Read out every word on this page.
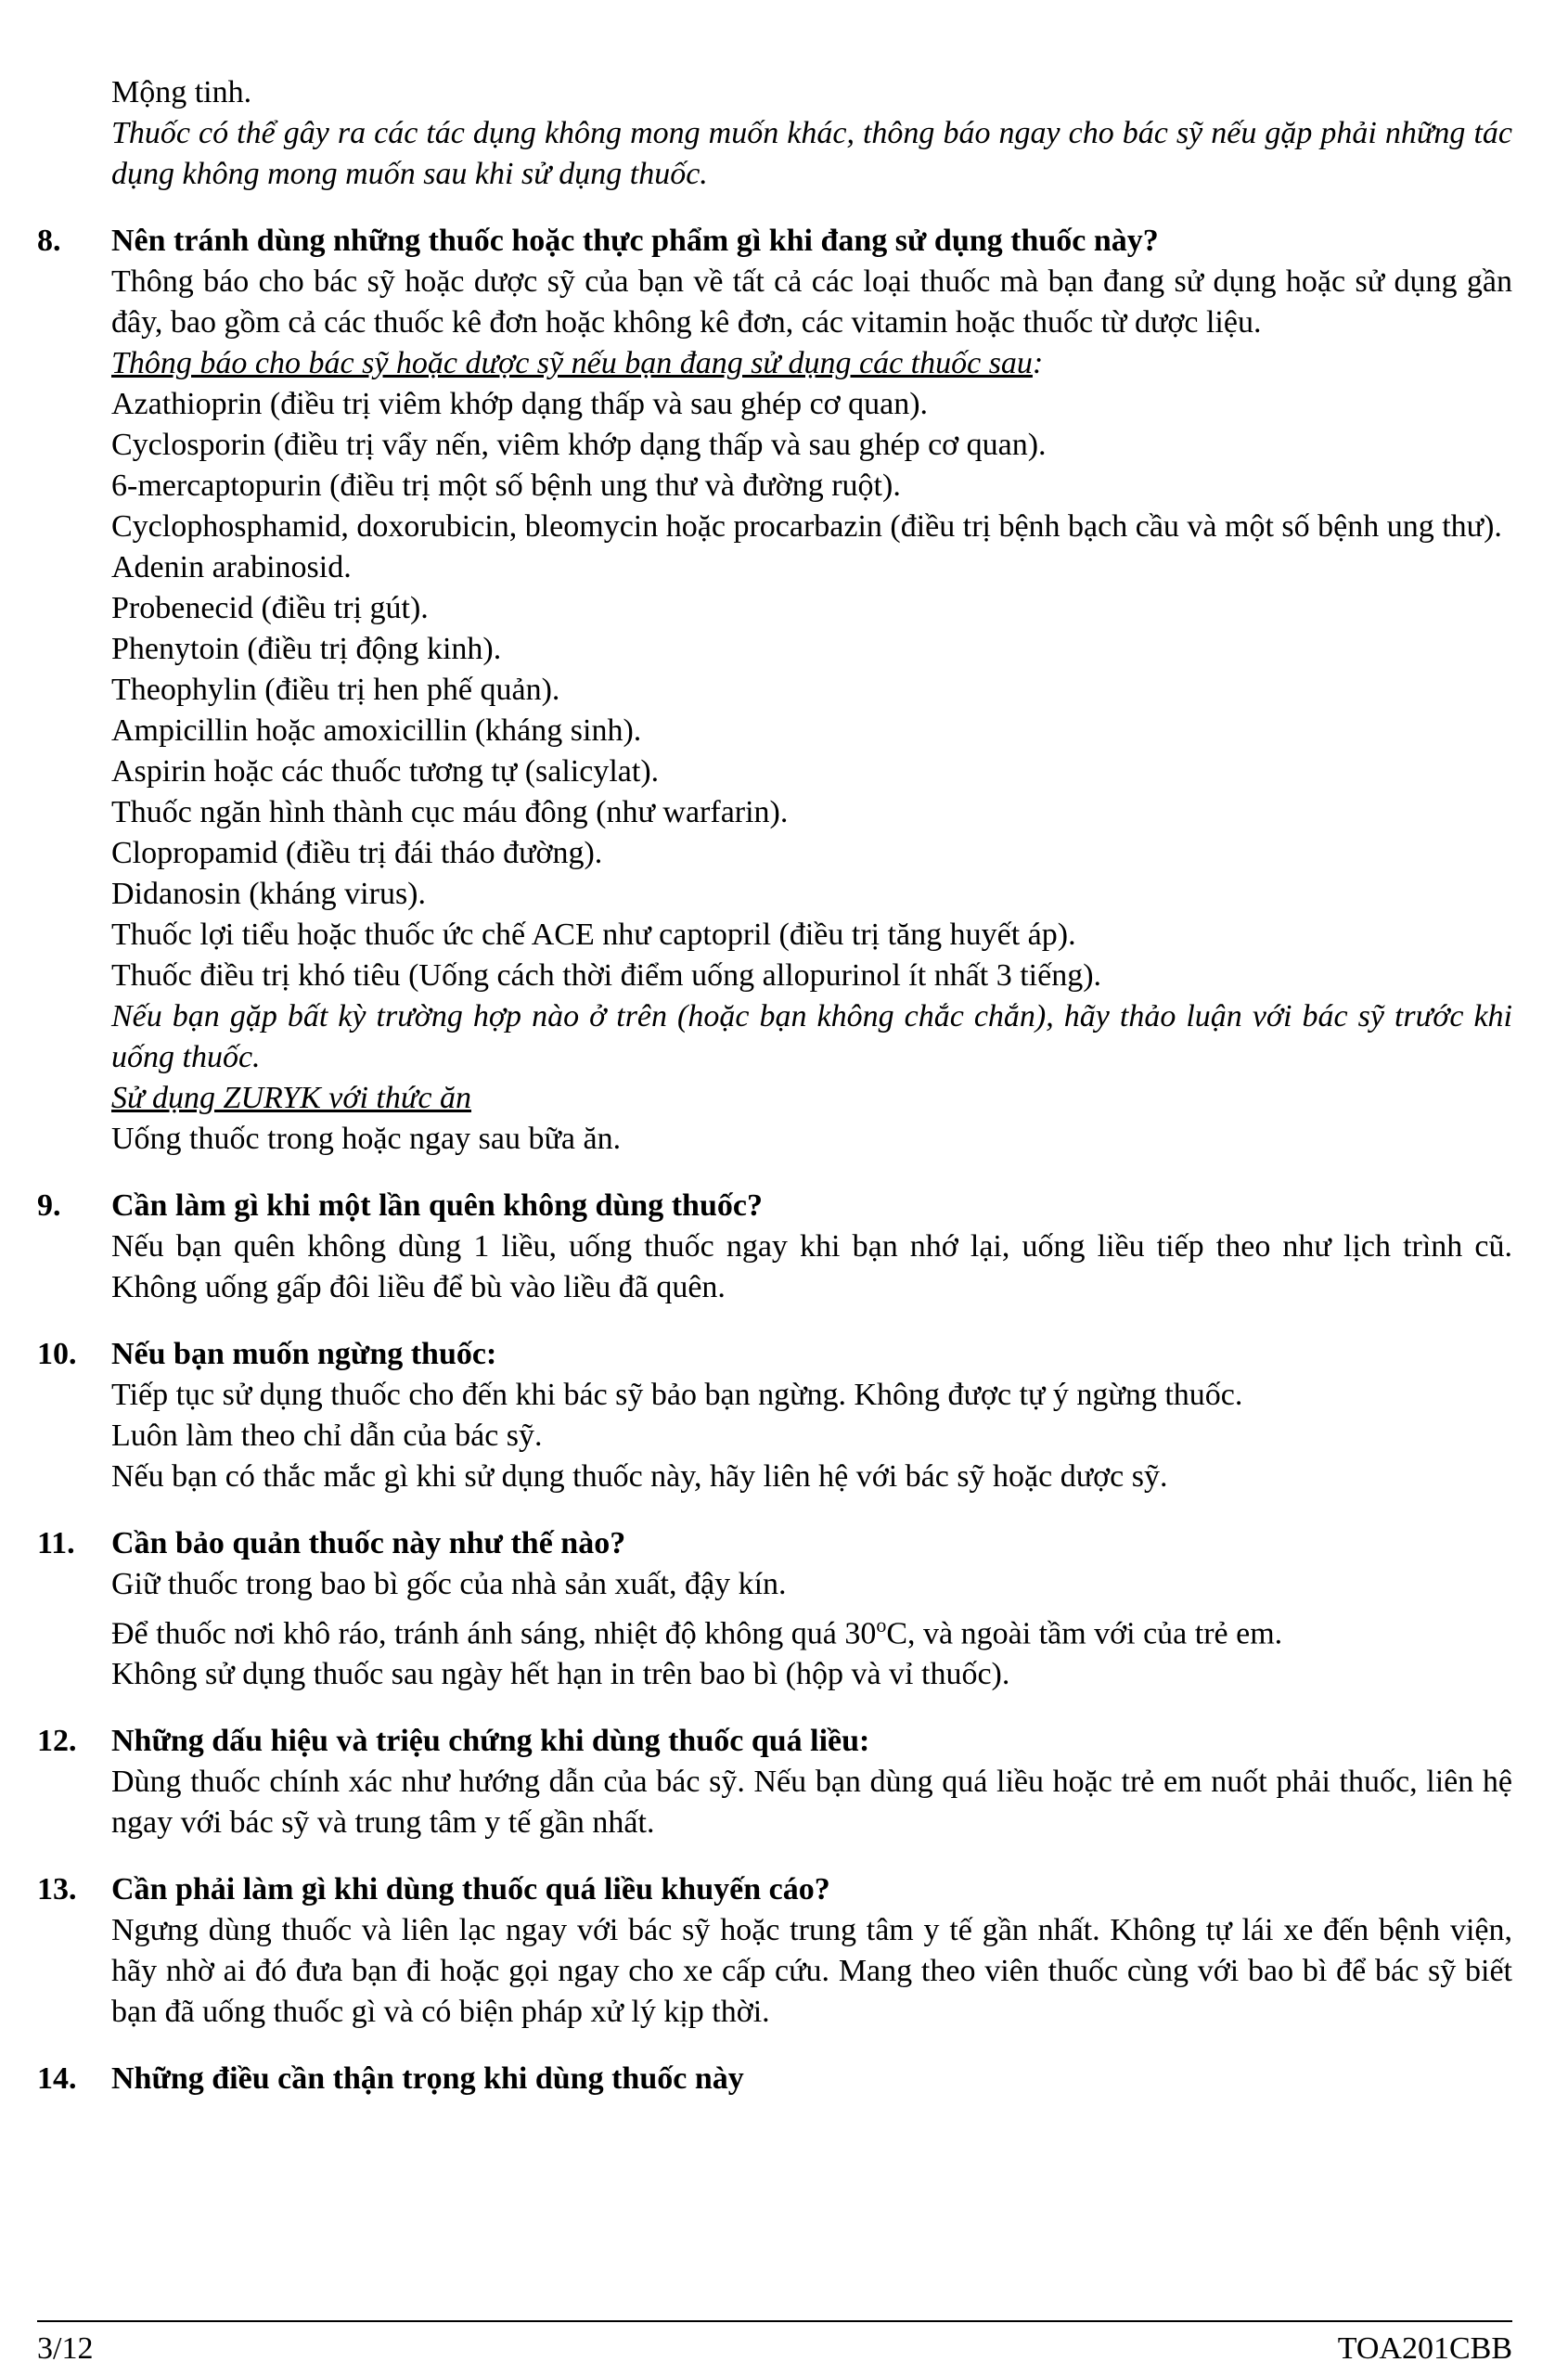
Mộng tinh.

Thuốc có thể gây ra các tác dụng không mong muốn khác, thông báo ngay cho bác sỹ nếu gặp phải những tác dụng không mong muốn sau khi sử dụng thuốc.

8.	Nên tránh dùng những thuốc hoặc thực phẩm gì khi đang sử dụng thuốc này?

Thông báo cho bác sỹ hoặc dược sỹ của bạn về tất cả các loại thuốc mà bạn đang sử dụng hoặc sử dụng gần đây, bao gồm cả các thuốc kê đơn hoặc không kê đơn, các vitamin hoặc thuốc từ dược liệu.

Thông báo cho bác sỹ hoặc dược sỹ nếu bạn đang sử dụng các thuốc sau:

Azathioprin (điều trị viêm khớp dạng thấp và sau ghép cơ quan).

Cyclosporin (điều trị vẩy nến, viêm khớp dạng thấp và sau ghép cơ quan).

6-mercaptopurin (điều trị một số bệnh ung thư và đường ruột).

Cyclophosphamid, doxorubicin, bleomycin hoặc procarbazin (điều trị bệnh bạch cầu và một số bệnh ung thư).

Adenin arabinosid.

Probenecid (điều trị gút).

Phenytoin (điều trị động kinh).

Theophylin (điều trị hen phế quản).

Ampicillin hoặc amoxicillin (kháng sinh).

Aspirin hoặc các thuốc tương tự (salicylat).

Thuốc ngăn hình thành cục máu đông (như warfarin).

Clopropamid (điều trị đái tháo đường).

Didanosin (kháng virus).

Thuốc lợi tiểu hoặc thuốc ức chế ACE như captopril (điều trị tăng huyết áp).

Thuốc điều trị khó tiêu (Uống cách thời điểm uống allopurinol ít nhất 3 tiếng).

Nếu bạn gặp bất kỳ trường hợp nào ở trên (hoặc bạn không chắc chắn), hãy thảo luận với bác sỹ trước khi uống thuốc.

Sử dụng ZURYK với thức ăn

Uống thuốc trong hoặc ngay sau bữa ăn.

9.	Cần làm gì khi một lần quên không dùng thuốc?

Nếu bạn quên không dùng 1 liều, uống thuốc ngay khi bạn nhớ lại, uống liều tiếp theo như lịch trình cũ. Không uống gấp đôi liều để bù vào liều đã quên.

10.	Nếu bạn muốn ngừng thuốc:

Tiếp tục sử dụng thuốc cho đến khi bác sỹ bảo bạn ngừng. Không được tự ý ngừng thuốc.

Luôn làm theo chỉ dẫn của bác sỹ.

Nếu bạn có thắc mắc gì khi sử dụng thuốc này, hãy liên hệ với bác sỹ hoặc dược sỹ.

11.	Cần bảo quản thuốc này như thế nào?

Giữ thuốc trong bao bì gốc của nhà sản xuất, đậy kín.

Để thuốc nơi khô ráo, tránh ánh sáng, nhiệt độ không quá 30$^o$C, và ngoài tầm với của trẻ em.

Không sử dụng thuốc sau ngày hết hạn in trên bao bì (hộp và vỉ thuốc).

12.	Những dấu hiệu và triệu chứng khi dùng thuốc quá liều:

Dùng thuốc chính xác như hướng dẫn của bác sỹ. Nếu bạn dùng quá liều hoặc trẻ em nuốt phải thuốc, liên hệ ngay với bác sỹ và trung tâm y tế gần nhất.

13.	Cần phải làm gì khi dùng thuốc quá liều khuyến cáo?

Ngưng dùng thuốc và liên lạc ngay với bác sỹ hoặc trung tâm y tế gần nhất. Không tự lái xe đến bệnh viện, hãy nhờ ai đó đưa bạn đi hoặc gọi ngay cho xe cấp cứu. Mang theo viên thuốc cùng với bao bì để bác sỹ biết bạn đã uống thuốc gì và có biện pháp xử lý kịp thời.

14.	Những điều cần thận trọng khi dùng thuốc này
3/12	TOA201CBB
